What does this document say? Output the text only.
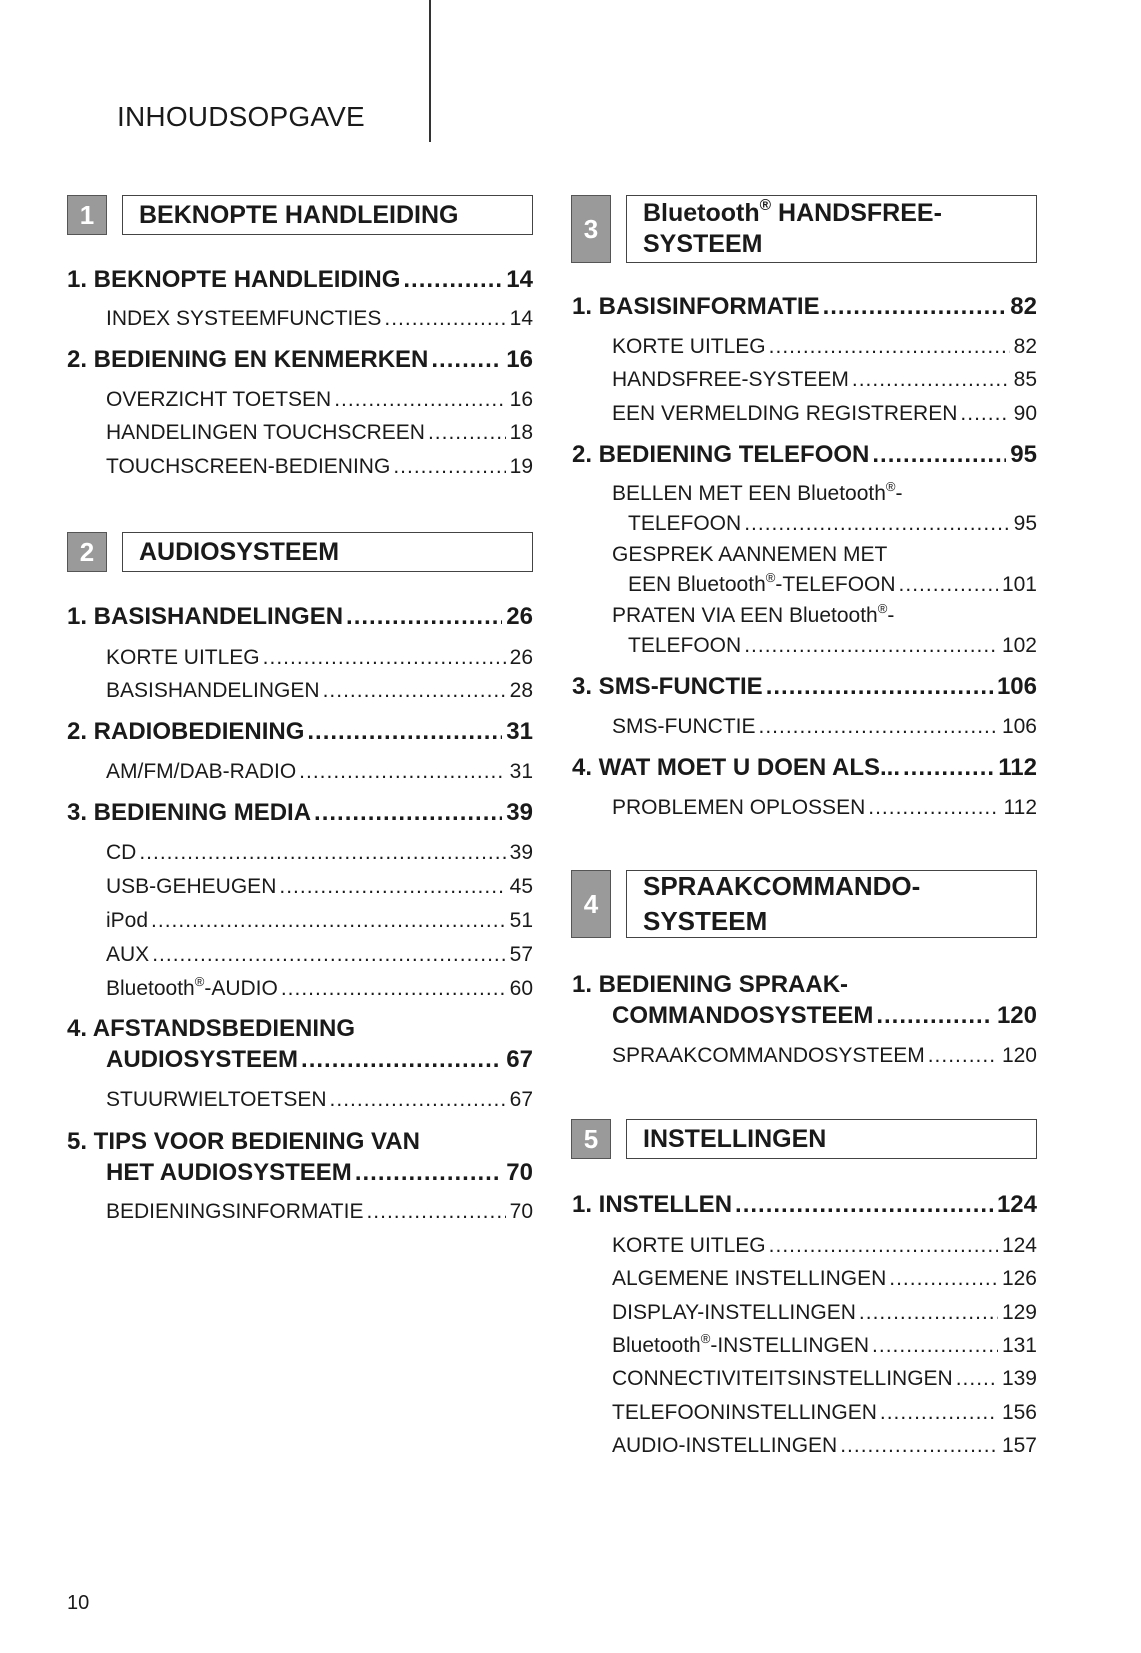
INHOUDSOPGAVE
1	BEKNOPTE HANDLEIDING
1. BEKNOPTE HANDLEIDING .....	14
INDEX SYSTEEMFUNCTIES .....	14
2. BEDIENING EN KENMERKEN .....	16
OVERZICHT TOETSEN .....	16
HANDELINGEN TOUCHSCREEN .....	18
TOUCHSCREEN-BEDIENING .....	19
2	AUDIOSYSTEEM
1. BASISHANDELINGEN .....	26
KORTE UITLEG .....	26
BASISHANDELINGEN .....	28
2. RADIOBEDIENING .....	31
AM/FM/DAB-RADIO .....	31
3. BEDIENING MEDIA .....	39
CD .....	39
USB-GEHEUGEN .....	45
iPod .....	51
AUX .....	57
Bluetooth®-AUDIO .....	60
4. AFSTANDSBEDIENING
AUDIOSYSTEEM .....	67
STUURWIELTOETSEN .....	67
5. TIPS VOOR BEDIENING VAN
HET AUDIOSYSTEEM .....	70
BEDIENINGSINFORMATIE .....	70
3
Bluetooth® HANDSFREE-
SYSTEEM
1. BASISINFORMATIE .....	82
KORTE UITLEG .....	82
HANDSFREE-SYSTEEM .....	85
EEN VERMELDING REGISTREREN .....	90
2. BEDIENING TELEFOON .....	95
BELLEN MET EEN Bluetooth®-
TELEFOON .....	95
GESPREK AANNEMEN MET
EEN Bluetooth®-TELEFOON .....	101
PRATEN VIA EEN Bluetooth®-
TELEFOON .....	102
3. SMS-FUNCTIE .....	106
SMS-FUNCTIE .....	106
4. WAT MOET U DOEN ALS... .....	112
PROBLEMEN OPLOSSEN .....	112
4
SPRAAKCOMMANDO-
SYSTEEM
1. BEDIENING SPRAAK-
COMMANDOSYSTEEM .....	120
SPRAAKCOMMANDOSYSTEEM .....	120
5	INSTELLINGEN
1. INSTELLEN .....	124
KORTE UITLEG .....	124
ALGEMENE INSTELLINGEN .....	126
DISPLAY-INSTELLINGEN .....	129
Bluetooth®-INSTELLINGEN .....	131
CONNECTIVITEITSINSTELLINGEN ..... 139
TELEFOONINSTELLINGEN .....	156
AUDIO-INSTELLINGEN .....	157
10
